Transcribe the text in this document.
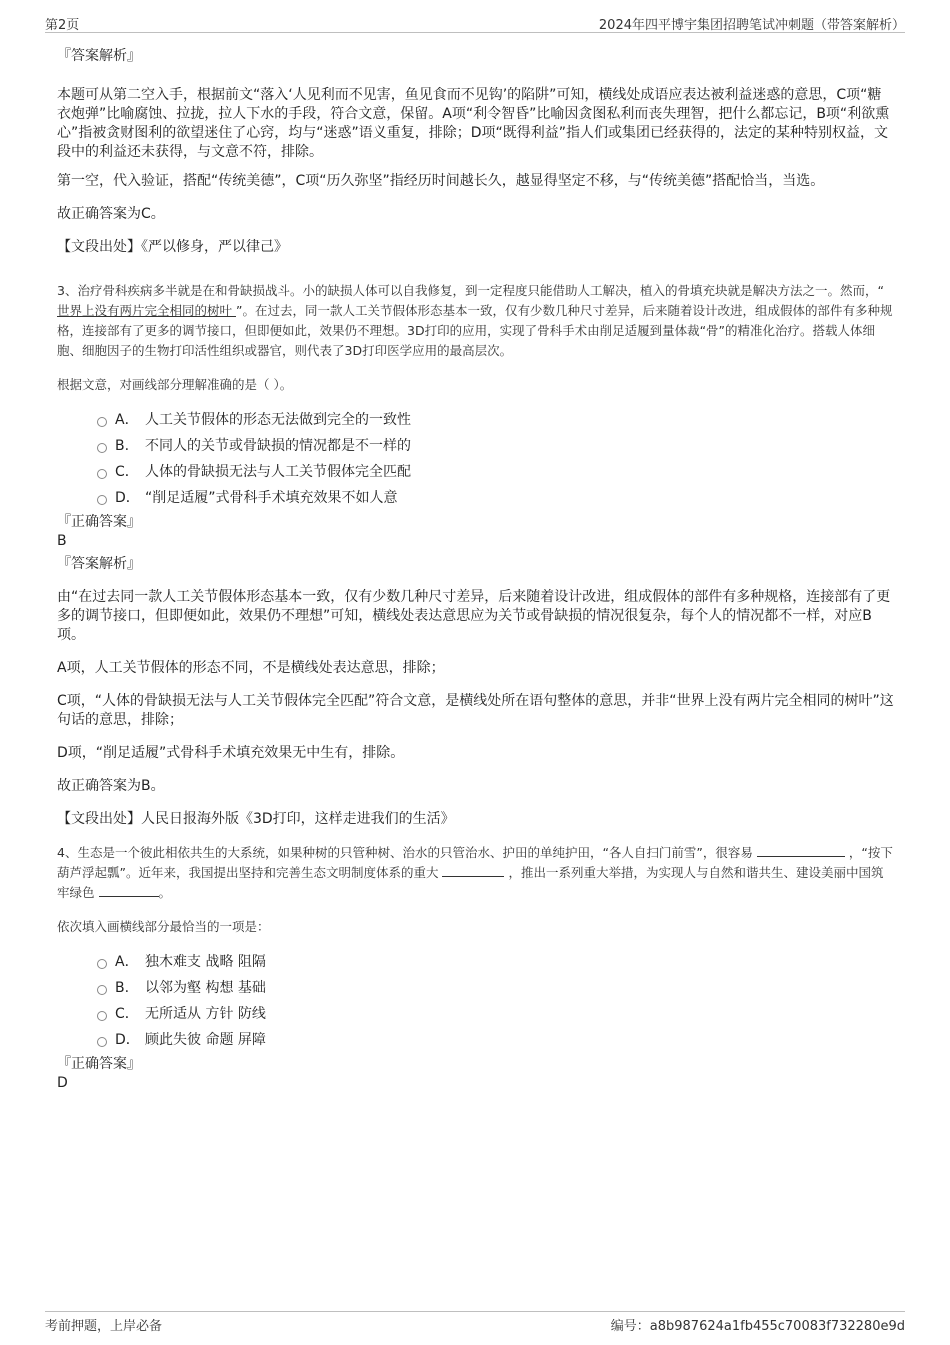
第2页	2024年四平博宇集团招聘笔试冲刺题（带答案解析）

『答案解析』

本题可从第二空入手，根据前文“落入‘人见利而不见害，鱼见食而不见钩’的陷阱”可知，横线处成语应表达被利益迷惑的意思，C项“糖衣炮弹”比喻腐蚀、拉拢，拉人下水的手段，符合文意，保留。A项“利令智昏”比喻因贪图私利而丧失理智，把什么都忘记，B项“利欲熏心”指被贪财图利的欲望迷住了心窍，均与“迷惑”语义重复，排除；D项“既得利益”指人们或集团已经获得的，法定的某种特别权益，文段中的利益还未获得，与文意不符，排除。

第一空，代入验证，搭配“传统美德”，C项“历久弥坚”指经历时间越长久，越显得坚定不移，与“传统美德”搭配恰当，当选。

故正确答案为C。

【文段出处】《严以修身，严以律己》

3、治疗骨科疾病多半就是在和骨缺损战斗。小的缺损人体可以自我修复，到一定程度只能借助人工解决，植入的骨填充块就是解决方法之一。然而，“ 世界上没有两片完全相同的树叶 ”。在过去，同一款人工关节假体形态基本一致，仅有少数几种尺寸差异，后来随着设计改进，组成假体的部件有多种规格，连接部有了更多的调节接口，但即便如此，效果仍不理想。3D打印的应用，实现了骨科手术由削足适履到量体裁“骨”的精准化治疗。搭载人体细胞、细胞因子的生物打印活性组织或器官，则代表了3D打印医学应用的最高层次。

根据文意，对画线部分理解准确的是（ ）。

A． 人工关节假体的形态无法做到完全的一致性
B. 不同人的关节或骨缺损的情况都是不一样的
C． 人体的骨缺损无法与人工关节假体完全匹配
D． “削足适履”式骨科手术填充效果不如人意

『正确答案』

B

『答案解析』

由“在过去同一款人工关节假体形态基本一致，仅有少数几种尺寸差异，后来随着设计改进，组成假体的部件有多种规格，连接部有了更多的调节接口，但即便如此，效果仍不理想”可知，横线处表达意思应为关节或骨缺损的情况很复杂，每个人的情况都不一样，对应B项。

A项，人工关节假体的形态不同，不是横线处表达意思，排除；

C项，“人体的骨缺损无法与人工关节假体完全匹配”符合文意，是横线处所在语句整体的意思，并非“世界上没有两片完全相同的树叶”这句话的意思，排除；

D项，“削足适履”式骨科手术填充效果无中生有，排除。

故正确答案为B。

【文段出处】人民日报海外版《3D打印，这样走进我们的生活》

4、生态是一个彼此相依共生的大系统，如果种树的只管种树、治水的只管治水、护田的单纯护田，“各人自扫门前雪”，很容易	，“按下葫芦浮起瓢”。近年来，我国提出坚持和完善生态文明制度体系的重大	，推出一系列重大举措，为实现人与自然和谐共生、建设美丽中国筑牢绿色	。

依次填入画横线部分最恰当的一项是：

A． 独木难支 战略 阻隔
B. 以邻为壑 构想 基础
C． 无所适从 方针 防线
D． 顾此失彼 命题 屏障

『正确答案』

D

考前押题，上岸必备	编号：a8b987624a1fb455c70083f732280e9d
